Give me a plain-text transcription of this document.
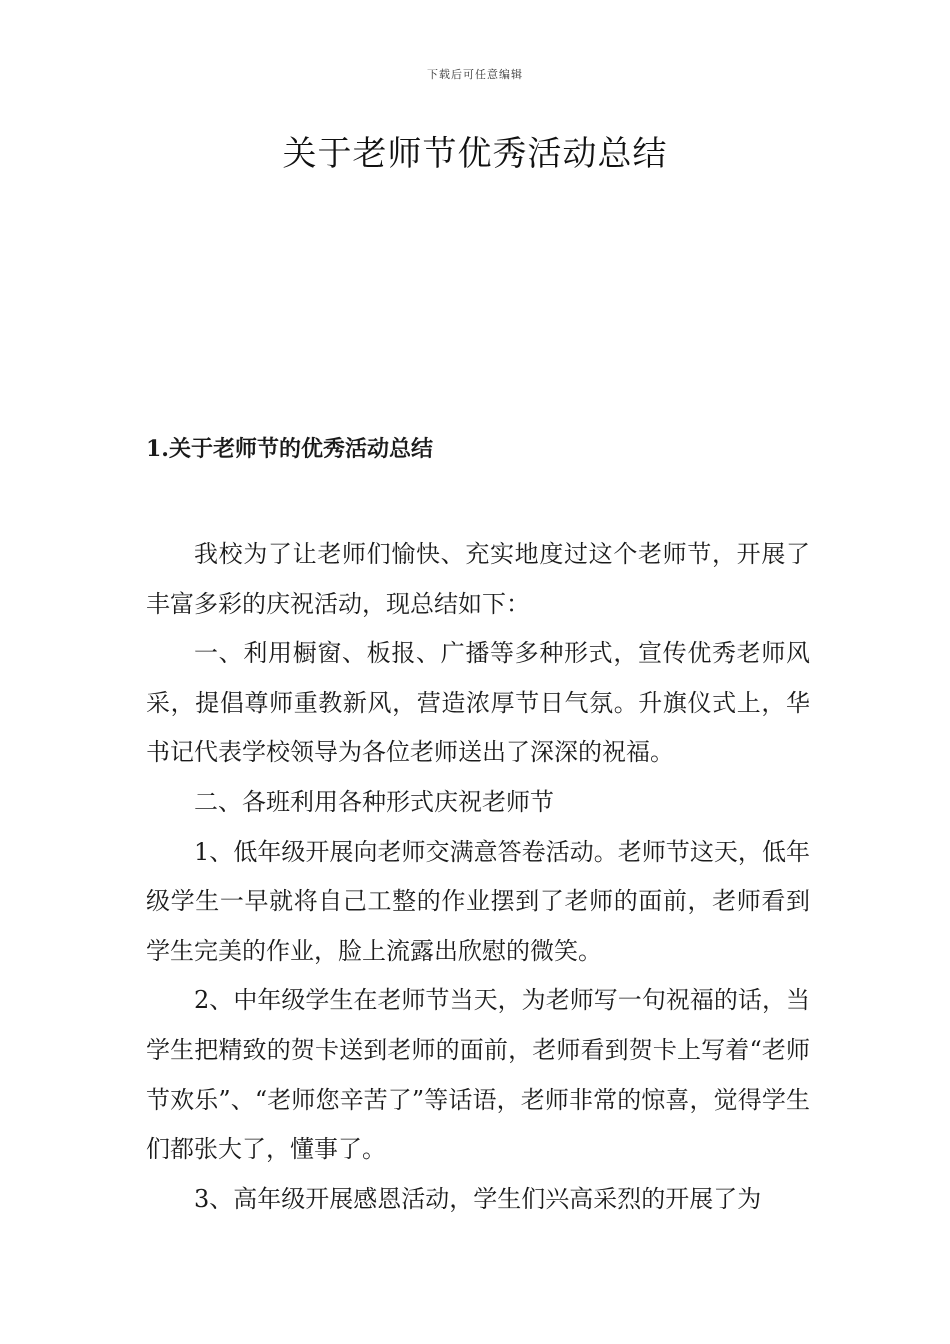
下载后可任意编辑
关于老师节优秀活动总结
1.关于老师节的优秀活动总结

我校为了让老师们愉快、充实地度过这个老师节，开展了丰富多彩的庆祝活动，现总结如下：

一、利用橱窗、板报、广播等多种形式，宣传优秀老师风采，提倡尊师重教新风，营造浓厚节日气氛。升旗仪式上，华书记代表学校领导为各位老师送出了深深的祝福。

二、各班利用各种形式庆祝老师节

1、低年级开展向老师交满意答卷活动。老师节这天，低年级学生一早就将自己工整的作业摆到了老师的面前，老师看到学生完美的作业，脸上流露出欣慰的微笑。

2、中年级学生在老师节当天，为老师写一句祝福的话，当学生把精致的贺卡送到老师的面前，老师看到贺卡上写着“老师节欢乐”、“老师您辛苦了”等话语，老师非常的惊喜，觉得学生们都张大了，懂事了。

3、高年级开展感恩活动，学生们兴高采烈的开展了为
